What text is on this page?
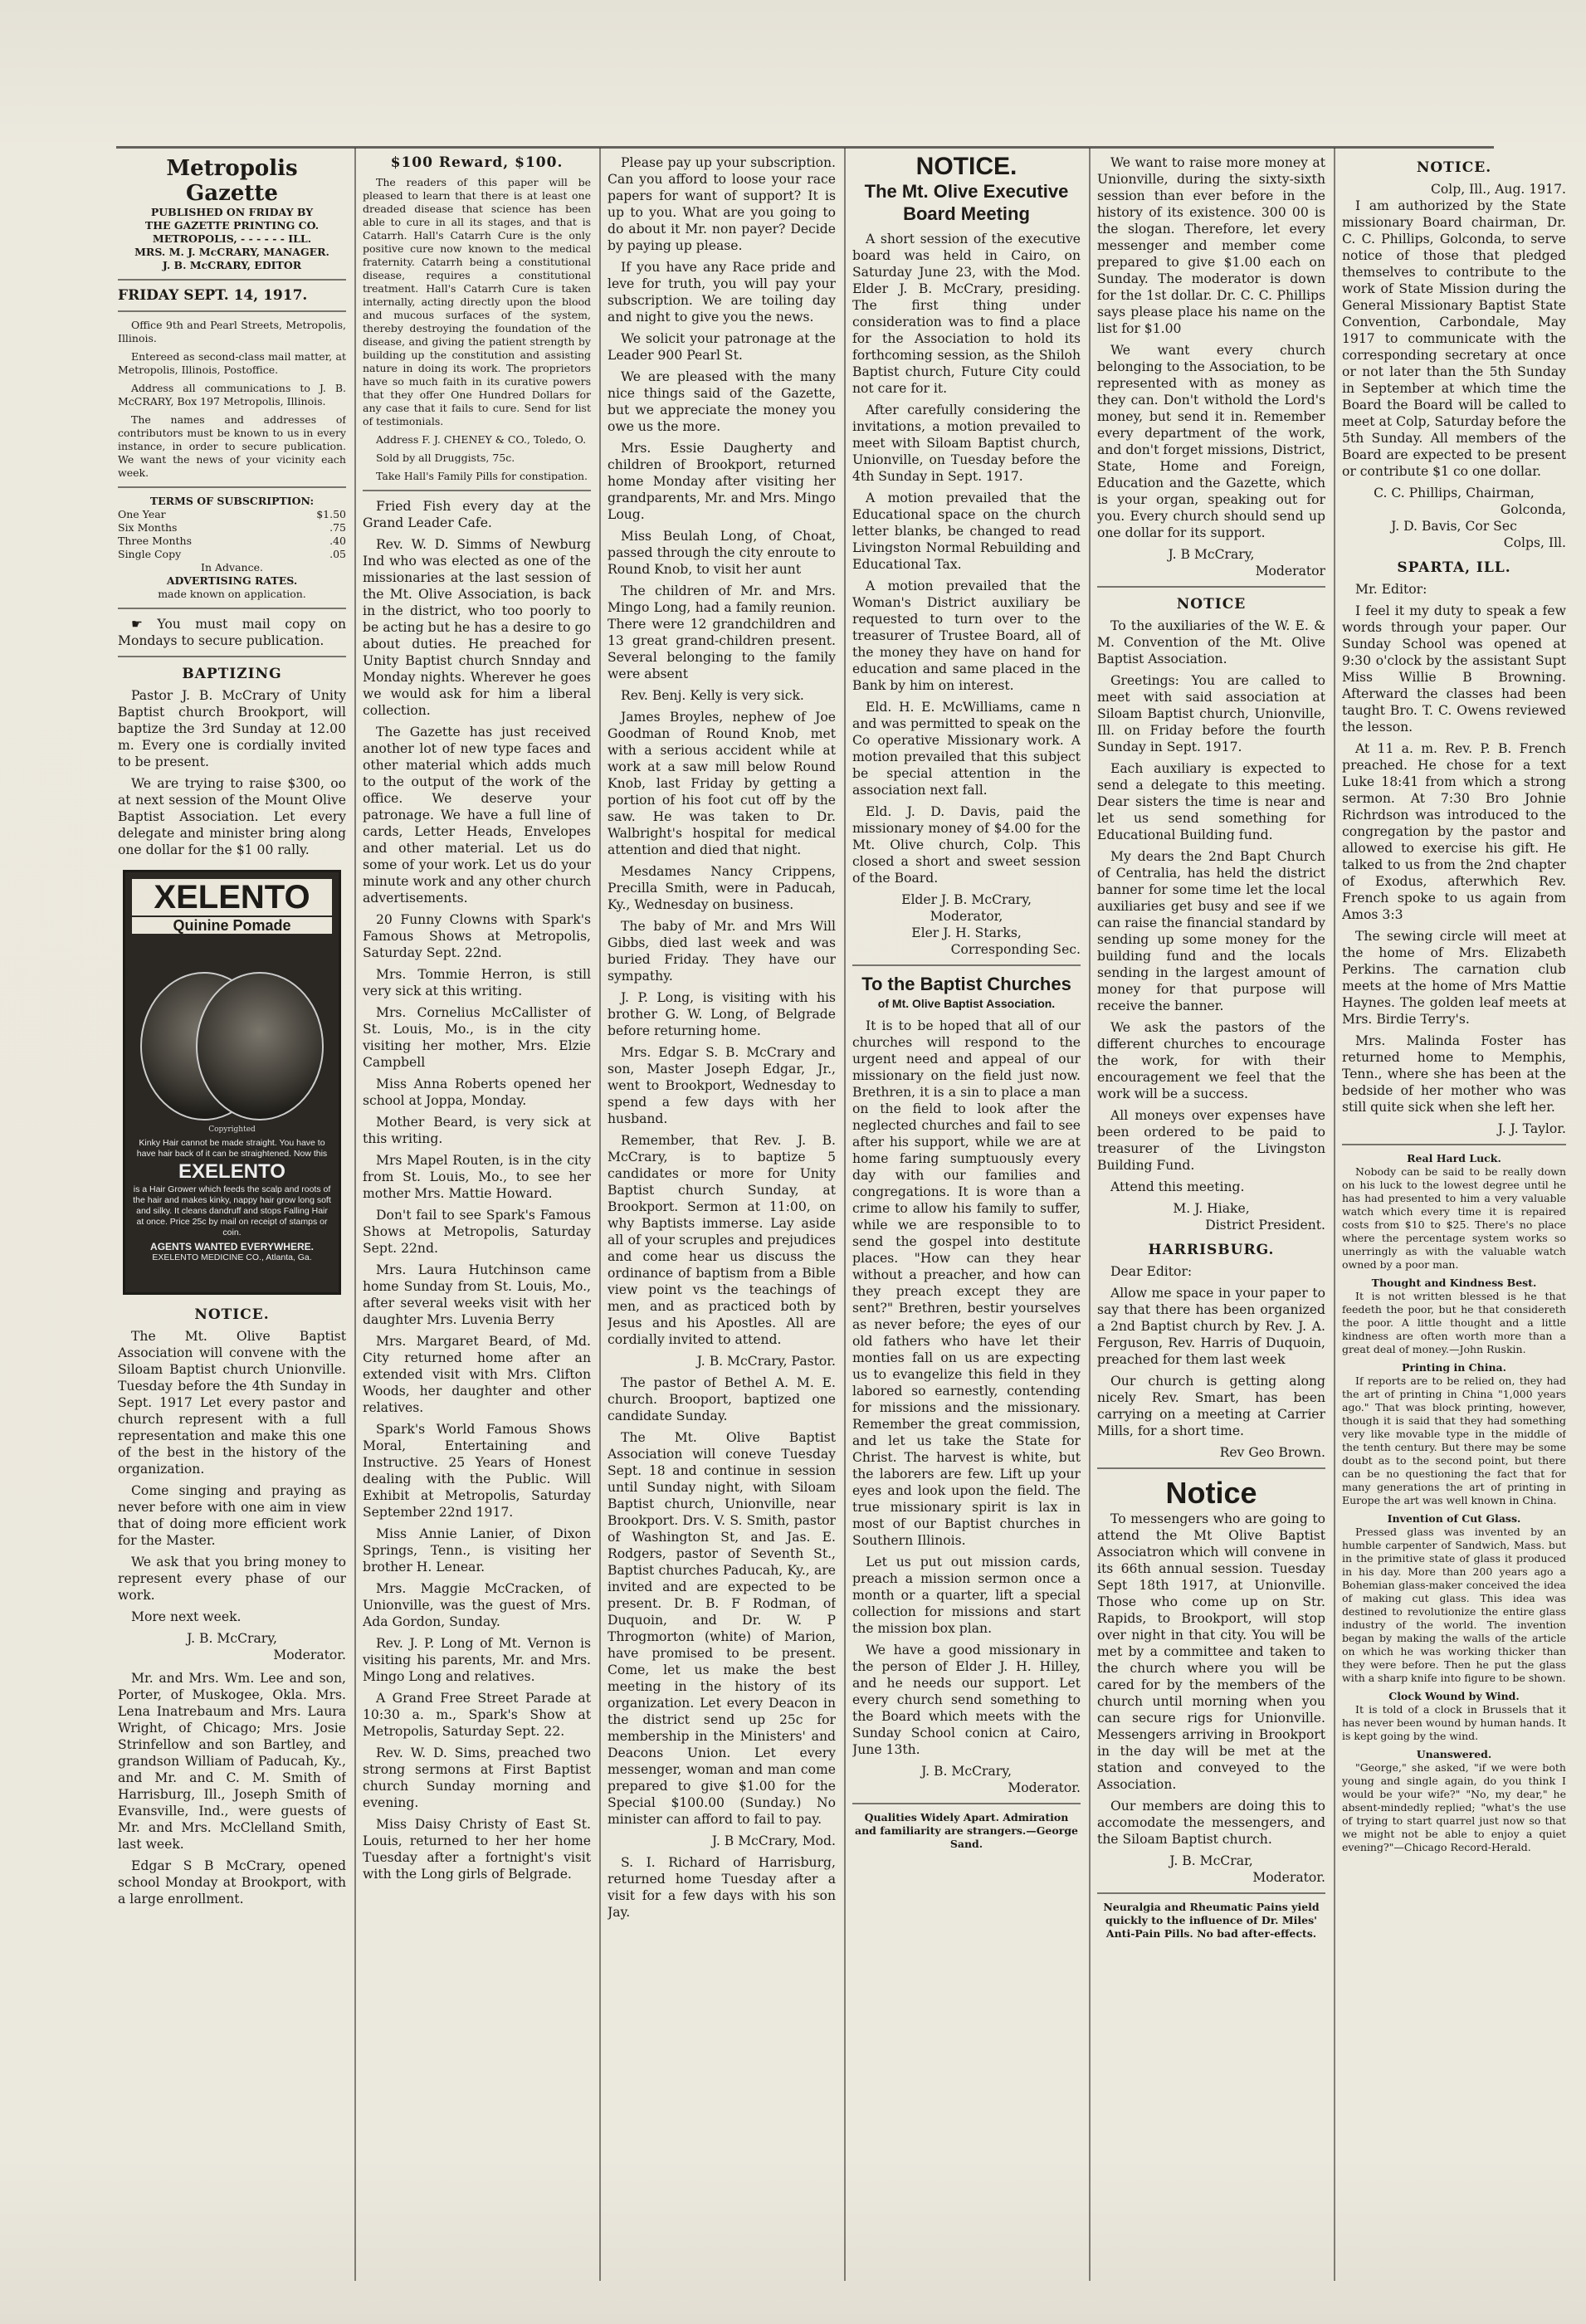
Metropolis Gazette
PUBLISHED ON FRIDAY BY
THE GAZETTE PRINTING CO.
METROPOLIS, - - - - - - ILL.
MRS. M. J. McCRARY, MANAGER.
J. B. McCRARY, EDITOR
FRIDAY SEPT. 14, 1917.

Office 9th and Pearl Streets, Metropolis, Illinois.

Entereed as second-class mail matter, at Metropolis, Illinois, Postoffice.

Address all communications to J. B. McCRARY, Box 197 Metropolis, Illinois.

The names and addresses of contributors must be known to us in every instance, in order to secure publication. We want the news of your vicinity each week.

TERMS OF SUBSCRIPTION:
One Year	$1.50
Six Months	.75
Three Months	.40
Single Copy	.05
In Advance.
ADVERTISING RATES.
made known on application.

☛ You must mail copy on Mondays to secure publication.

BAPTIZING

Pastor J. B. McCrary of Unity Baptist church Brookport, will baptize the 3rd Sunday at 12.00 m. Every one is cordially invited to be present.

We are trying to raise $300, oo at next session of the Mount Olive Baptist Association. Let every delegate and minister bring along one dollar for the $1 00 rally.

XELENTO
Quinine Pomade
Copyrighted
Kinky Hair cannot be made straight. You have to have hair back of it can be straightened. Now this
EXELENTO
is a Hair Grower which feeds the scalp and roots of the hair and makes kinky, nappy hair grow long soft and silky. It cleans dandruff and stops Falling Hair at once. Price 25c by mail on receipt of stamps or coin.
AGENTS WANTED EVERYWHERE.
EXELENTO MEDICINE CO., Atlanta, Ga.
NOTICE.

The Mt. Olive Baptist Association will convene with the Siloam Baptist church Unionville. Tuesday before the 4th Sunday in Sept. 1917 Let every pastor and church represent with a full representation and make this one of the best in the history of the organization.

Come singing and praying as never before with one aim in view that of doing more efficient work for the Master.

We ask that you bring money to represent every phase of our work.

More next week.

J. B. McCrary,
Moderator.

Mr. and Mrs. Wm. Lee and son, Porter, of Muskogee, Okla. Mrs. Lena Inatrebaum and Mrs. Laura Wright, of Chicago; Mrs. Josie Strinfellow and son Bartley, and grandson William of Paducah, Ky., and Mr. and C. M. Smith of Harrisburg, Ill., Joseph Smith of Evansville, Ind., were guests of Mr. and Mrs. McClelland Smith, last week.

Edgar S B McCrary, opened school Monday at Brookport, with a large enrollment.

$100 Reward, $100.

The readers of this paper will be pleased to learn that there is at least one dreaded disease that science has been able to cure in all its stages, and that is Catarrh. Hall's Catarrh Cure is the only positive cure now known to the medical fraternity. Catarrh being a constitutional disease, requires a constitutional treatment. Hall's Catarrh Cure is taken internally, acting directly upon the blood and mucous surfaces of the system, thereby destroying the foundation of the disease, and giving the patient strength by building up the constitution and assisting nature in doing its work. The proprietors have so much faith in its curative powers that they offer One Hundred Dollars for any case that it fails to cure. Send for list of testimonials.

Address F. J. CHENEY & CO., Toledo, O.

Sold by all Druggists, 75c.

Take Hall's Family Pills for constipation.

Fried Fish every day at the Grand Leader Cafe.

Rev. W. D. Simms of Newburg Ind who was elected as one of the missionaries at the last session of the Mt. Olive Association, is back in the district, who too poorly to be acting but he has a desire to go about duties. He preached for Unity Baptist church Snnday and Monday nights. Wherever he goes we would ask for him a liberal collection.

The Gazette has just received another lot of new type faces and other material which adds much to the output of the work of the office. We deserve your patronage. We have a full line of cards, Letter Heads, Envelopes and other material. Let us do some of your work. Let us do your minute work and any other church advertisements.

20 Funny Clowns with Spark's Famous Shows at Metropolis, Saturday Sept. 22nd.

Mrs. Tommie Herron, is still very sick at this writing.

Mrs. Cornelius McCallister of St. Louis, Mo., is in the city visiting her mother, Mrs. Elzie Campbell

Miss Anna Roberts opened her school at Joppa, Monday.

Mother Beard, is very sick at this writing.

Mrs Mapel Routen, is in the city from St. Louis, Mo., to see her mother Mrs. Mattie Howard.

Don't fail to see Spark's Famous Shows at Metropolis, Saturday Sept. 22nd.

Mrs. Laura Hutchinson came home Sunday from St. Louis, Mo., after several weeks visit with her daughter Mrs. Luvenia Berry

Mrs. Margaret Beard, of Md. City returned home after an extended visit with Mrs. Clifton Woods, her daughter and other relatives.

Spark's World Famous Shows Moral, Entertaining and Instructive. 25 Years of Honest dealing with the Public. Will Exhibit at Metropolis, Saturday September 22nd 1917.

Miss Annie Lanier, of Dixon Springs, Tenn., is visiting her brother H. Lenear.

Mrs. Maggie McCracken, of Unionville, was the guest of Mrs. Ada Gordon, Sunday.

Rev. J. P. Long of Mt. Vernon is visiting his parents, Mr. and Mrs. Mingo Long and relatives.

A Grand Free Street Parade at 10:30 a. m., Spark's Show at Metropolis, Saturday Sept. 22.

Rev. W. D. Sims, preached two strong sermons at First Baptist church Sunday morning and evening.

Miss Daisy Christy of East St. Louis, returned to her her home Tuesday after a fortnight's visit with the Long girls of Belgrade.

Please pay up your subscription. Can you afford to loose your race papers for want of support? It is up to you. What are you going to do about it Mr. non payer? Decide by paying up please.

If you have any Race pride and leve for truth, you will pay your subscription. We are toiling day and night to give you the news.

We solicit your patronage at the Leader 900 Pearl St.

We are pleased with the many nice things said of the Gazette, but we appreciate the money you owe us the more.

Mrs. Essie Daugherty and children of Brookport, returned home Monday after visiting her grandparents, Mr. and Mrs. Mingo Loug.

Miss Beulah Long, of Choat, passed through the city enroute to Round Knob, to visit her aunt

The children of Mr. and Mrs. Mingo Long, had a family reunion. There were 12 grandchildren and 13 great grand-children present. Several belonging to the family were absent

Rev. Benj. Kelly is very sick.

James Broyles, nephew of Joe Goodman of Round Knob, met with a serious accident while at work at a saw mill below Round Knob, last Friday by getting a portion of his foot cut off by the saw. He was taken to Dr. Walbright's hospital for medical attention and died that night.

Mesdames Nancy Crippens, Precilla Smith, were in Paducah, Ky., Wednesday on business.

The baby of Mr. and Mrs Will Gibbs, died last week and was buried Friday. They have our sympathy.

J. P. Long, is visiting with his brother G. W. Long, of Belgrade before returning home.

Mrs. Edgar S. B. McCrary and son, Master Joseph Edgar, Jr., went to Brookport, Wednesday to spend a few days with her husband.

Remember, that Rev. J. B. McCrary, is to baptize 5 candidates or more for Unity Baptist church Sunday, at Brookport. Sermon at 11:00, on why Baptists immerse. Lay aside all of your scruples and prejudices and come hear us discuss the ordinance of baptism from a Bible view point vs the teachings of men, and as practiced both by Jesus and his Apostles. All are cordially invited to attend.

J. B. McCrary, Pastor.

The pastor of Bethel A. M. E. church. Brooport, baptized one candidate Sunday.

The Mt. Olive Baptist Association will coneve Tuesday Sept. 18 and continue in session until Sunday night, with Siloam Baptist church, Unionville, near Brookport. Drs. V. S. Smith, pastor of Washington St, and Jas. E. Rodgers, pastor of Seventh St., Baptist churches Paducah, Ky., are invited and are expected to be present. Dr. B. F Rodman, of Duquoin, and Dr. W. P Throgmorton (white) of Marion, have promised to be present. Come, let us make the best meeting in the history of its organization. Let every Deacon in the district send up 25c for membership in the Ministers' and Deacons Union. Let every messenger, woman and man come prepared to give $1.00 for the Special $100.00 (Sunday.) No minister can afford to fail to pay.

J. B McCrary, Mod.

S. I. Richard of Harrisburg, returned home Tuesday after a visit for a few days with his son Jay.

NOTICE.
The Mt. Olive Executive
Board Meeting

A short session of the executive board was held in Cairo, on Saturday June 23, with the Mod. Elder J. B. McCrary, presiding. The first thing under consideration was to find a place for the Association to hold its forthcoming session, as the Shiloh Baptist church, Future City could not care for it.

After carefully considering the invitations, a motion prevailed to meet with Siloam Baptist church, Unionville, on Tuesday before the 4th Sunday in Sept. 1917.

A motion prevailed that the Educational space on the church letter blanks, be changed to read Livingston Normal Rebuilding and Educational Tax.

A motion prevailed that the Woman's District auxiliary be requested to turn over to the treasurer of Trustee Board, all of the money they have on hand for education and same placed in the Bank by him on interest.

Eld. H. E. McWilliams, came n and was permitted to speak on the Co operative Missionary work. A motion prevailed that this subject be special attention in the association next fall.

Eld. J. D. Davis, paid the missionary money of $4.00 for the Mt. Olive church, Colp. This closed a short and sweet session of the Board.

Elder J. B. McCrary,
Moderator,
Eler J. H. Starks,
Corresponding Sec.
To the Baptist Churches
of Mt. Olive Baptist Association.

It is to be hoped that all of our churches will respond to the urgent need and appeal of our missionary on the field just now. Brethren, it is a sin to place a man on the field to look after the neglected churches and fail to see after his support, while we are at home faring sumptuously every day with our families and congregations. It is wore than a crime to allow his family to suffer, while we are responsible to to send the gospel into destitute places. "How can they hear without a preacher, and how can they preach except they are sent?" Brethren, bestir yourselves as never before; the eyes of our old fathers who have let their monties fall on us are expecting us to evangelize this field in they labored so earnestly, contending for missions and the missionary. Remember the great commission, and let us take the State for Christ. The harvest is white, but the laborers are few. Lift up your eyes and look upon the field. The true missionary spirit is lax in most of our Baptist churches in Southern Illinois.

Let us put out mission cards, preach a mission sermon once a month or a quarter, lift a special collection for missions and start the mission box plan.

We have a good missionary in the person of Elder J. H. Hilley, and he needs our support. Let every church send something to the Board which meets with the Sunday School conicn at Cairo, June 13th.

J. B. McCrary,
Moderator.
Qualities Widely Apart. Admiration and familiarity are strangers.—George Sand.

We want to raise more money at Unionville, during the sixty-sixth session than ever before in the history of its existence. 300 00 is the slogan. Therefore, let every messenger and member come prepared to give $1.00 each on Sunday. The moderator is down for the 1st dollar. Dr. C. C. Phillips says please place his name on the list for $1.00

We want every church belonging to the Association, to be represented with as money as they can. Don't withold the Lord's money, but send it in. Remember every department of the work, and don't forget missions, District, State, Home and Foreign, Education and the Gazette, which is your organ, speaking out for you. Every church should send up one dollar for its support.

J. B McCrary,
Moderator
NOTICE

To the auxiliaries of the W. E. & M. Convention of the Mt. Olive Baptist Association.

Greetings: You are called to meet with said association at Siloam Baptist church, Unionville, Ill. on Friday before the fourth Sunday in Sept. 1917.

Each auxiliary is expected to send a delegate to this meeting. Dear sisters the time is near and let us send something for Educational Building fund.

My dears the 2nd Bapt Church of Centralia, has held the district banner for some time let the local auxiliaries get busy and see if we can raise the financial standard by sending up some money for the building fund and the locals sending in the largest amount of money for that purpose will receive the banner.

We ask the pastors of the different churches to encourage the work, for with their encouragement we feel that the work will be a success.

All moneys over expenses have been ordered to be paid to treasurer of the Livingston Building Fund.

Attend this meeting.

M. J. Hiake,
District President.
HARRISBURG.

Dear Editor:

Allow me space in your paper to say that there has been organized a 2nd Baptist church by Rev. J. A. Ferguson, Rev. Harris of Duquoin, preached for them last week

Our church is getting along nicely Rev. Smart, has been carrying on a meeting at Carrier Mills, for a short time.

Rev Geo Brown.
Notice

To messengers who are going to attend the Mt Olive Baptist Associatron which will convene in its 66th annual session. Tuesday Sept 18th 1917, at Unionville. Those who come up on Str. Rapids, to Brookport, will stop over night in that city. You will be met by a committee and taken to the church where you will be cared for by the members of the church until morning when you can secure rigs for Unionville. Messengers arriving in Brookport in the day will be met at the station and conveyed to the Association.

Our members are doing this to accomodate the messengers, and the Siloam Baptist church.

J. B. McCrar,
Moderator.
Neuralgia and Rheumatic Pains yield quickly to the influence of Dr. Miles' Anti-Pain Pills. No bad after-effects.
NOTICE.
Colp, Ill., Aug. 1917.

I am authorized by the State missionary Board chairman, Dr. C. C. Phillips, Golconda, to serve notice of those that pledged themselves to contribute to the work of State Mission during the General Missionary Baptist State Convention, Carbondale, May 1917 to communicate with the corresponding secretary at once or not later than the 5th Sunday in September at which time the Board the Board will be called to meet at Colp, Saturday before the 5th Sunday. All members of the Board are expected to be present or contribute $1 co one dollar.

C. C. Phillips, Chairman,
Golconda,
J. D. Bavis, Cor Sec
Colps, Ill.
SPARTA, ILL.

Mr. Editor:

I feel it my duty to speak a few words through your paper. Our Sunday School was opened at 9:30 o'clock by the assistant Supt Miss Willie B Browning. Afterward the classes had been taught Bro. T. C. Owens reviewed the lesson.

At 11 a. m. Rev. P. B. French preached. He chose for a text Luke 18:41 from which a strong sermon. At 7:30 Bro Johnie Richrdson was introduced to the congregation by the pastor and allowed to exercise his gift. He talked to us from the 2nd chapter of Exodus, afterwhich Rev. French spoke to us again from Amos 3:3

The sewing circle will meet at the home of Mrs. Elizabeth Perkins. The carnation club meets at the home of Mrs Mattie Haynes. The golden leaf meets at Mrs. Birdie Terry's.

Mrs. Malinda Foster has returned home to Memphis, Tenn., where she has been at the bedside of her mother who was still quite sick when she left her.

J. J. Taylor.
Real Hard Luck.

Nobody can be said to be really down on his luck to the lowest degree until he has had presented to him a very valuable watch which every time it is repaired costs from $10 to $25. There's no place where the percentage system works so unerringly as with the valuable watch owned by a poor man.

Thought and Kindness Best.

It is not written blessed is he that feedeth the poor, but he that considereth the poor. A little thought and a little kindness are often worth more than a great deal of money.—John Ruskin.

Printing in China.

If reports are to be relied on, they had the art of printing in China "1,000 years ago." That was block printing, however, though it is said that they had something very like movable type in the middle of the tenth century. But there may be some doubt as to the second point, but there can be no questioning the fact that for many generations the art of printing in Europe the art was well known in China.

Invention of Cut Glass.

Pressed glass was invented by an humble carpenter of Sandwich, Mass. but in the primitive state of glass it produced in his day. More than 200 years ago a Bohemian glass-maker conceived the idea of making cut glass. This idea was destined to revolutionize the entire glass industry of the world. The invention began by making the walls of the article on which he was working thicker than they were before. Then he put the glass with a sharp knife into figure to be shown.

Clock Wound by Wind.

It is told of a clock in Brussels that it has never been wound by human hands. It is kept going by the wind.

Unanswered.

"George," she asked, "if we were both young and single again, do you think I would be your wife?" "No, my dear," he absent-mindedly replied; "what's the use of trying to start quarrel just now so that we might not be able to enjoy a quiet evening?"—Chicago Record-Herald.
